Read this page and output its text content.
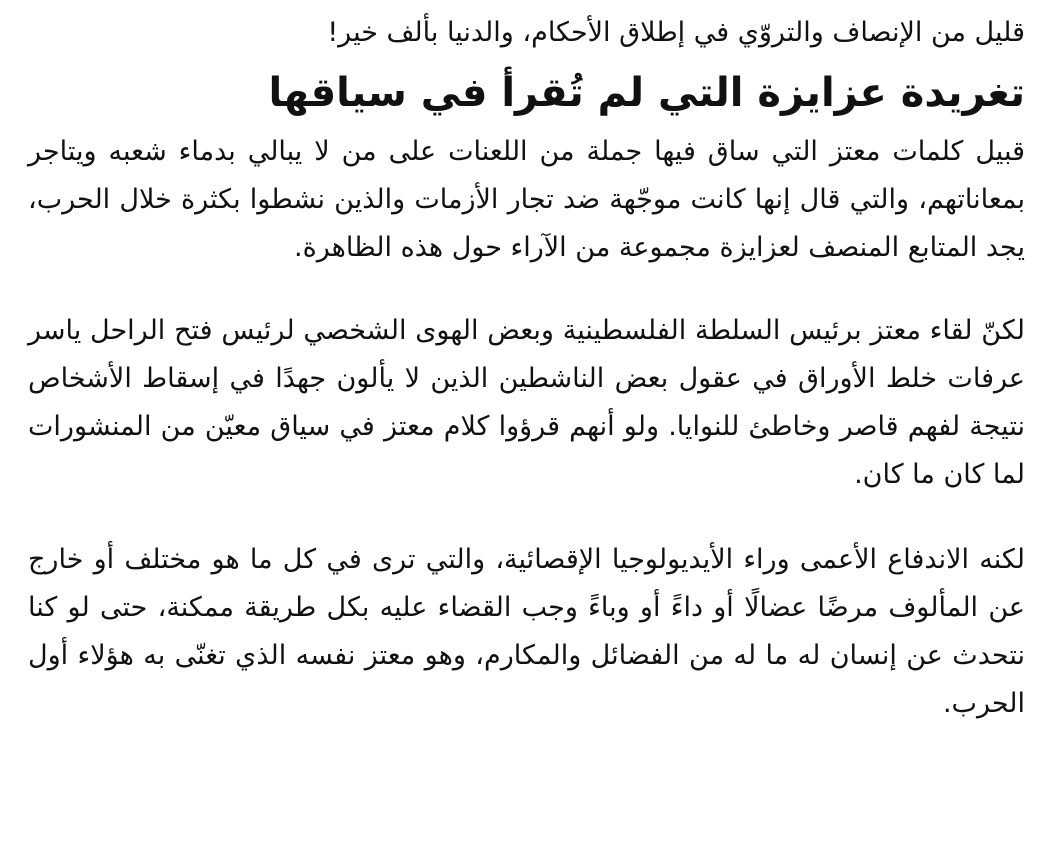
قليل من الإنصاف والتروّي في إطلاق الأحكام، والدنيا بألف خير!

تغريدة عزايزة التي لم تُقرأ في سياقها

قبيل كلمات معتز التي ساق فيها جملة من اللعنات على من لا يبالي بدماء شعبه ويتاجر بمعاناتهم، والتي قال إنها كانت موجّهة ضد تجار الأزمات والذين نشطوا بكثرة خلال الحرب، يجد المتابع المنصف لعزايزة مجموعة من الآراء حول هذه الظاهرة.

لكنّ لقاء معتز برئيس السلطة الفلسطينية وبعض الهوى الشخصي لرئيس فتح الراحل ياسر عرفات خلط الأوراق في عقول بعض الناشطين الذين لا يألون جهدًا في إسقاط الأشخاص نتيجة لفهم قاصر وخاطئ للنوايا. ولو أنهم قرؤوا كلام معتز في سياق معيّن من المنشورات لما كان ما كان.

لكنه الاندفاع الأعمى وراء الأيديولوجيا الإقصائية، والتي ترى في كل ما هو مختلف أو خارج عن المألوف مرضًا عضالًا أو داءً أو وباءً وجب القضاء عليه بكل طريقة ممكنة، حتى لو كنا نتحدث عن إنسان له ما له من الفضائل والمكارم، وهو معتز نفسه الذي تغنّى به هؤلاء أول الحرب.
